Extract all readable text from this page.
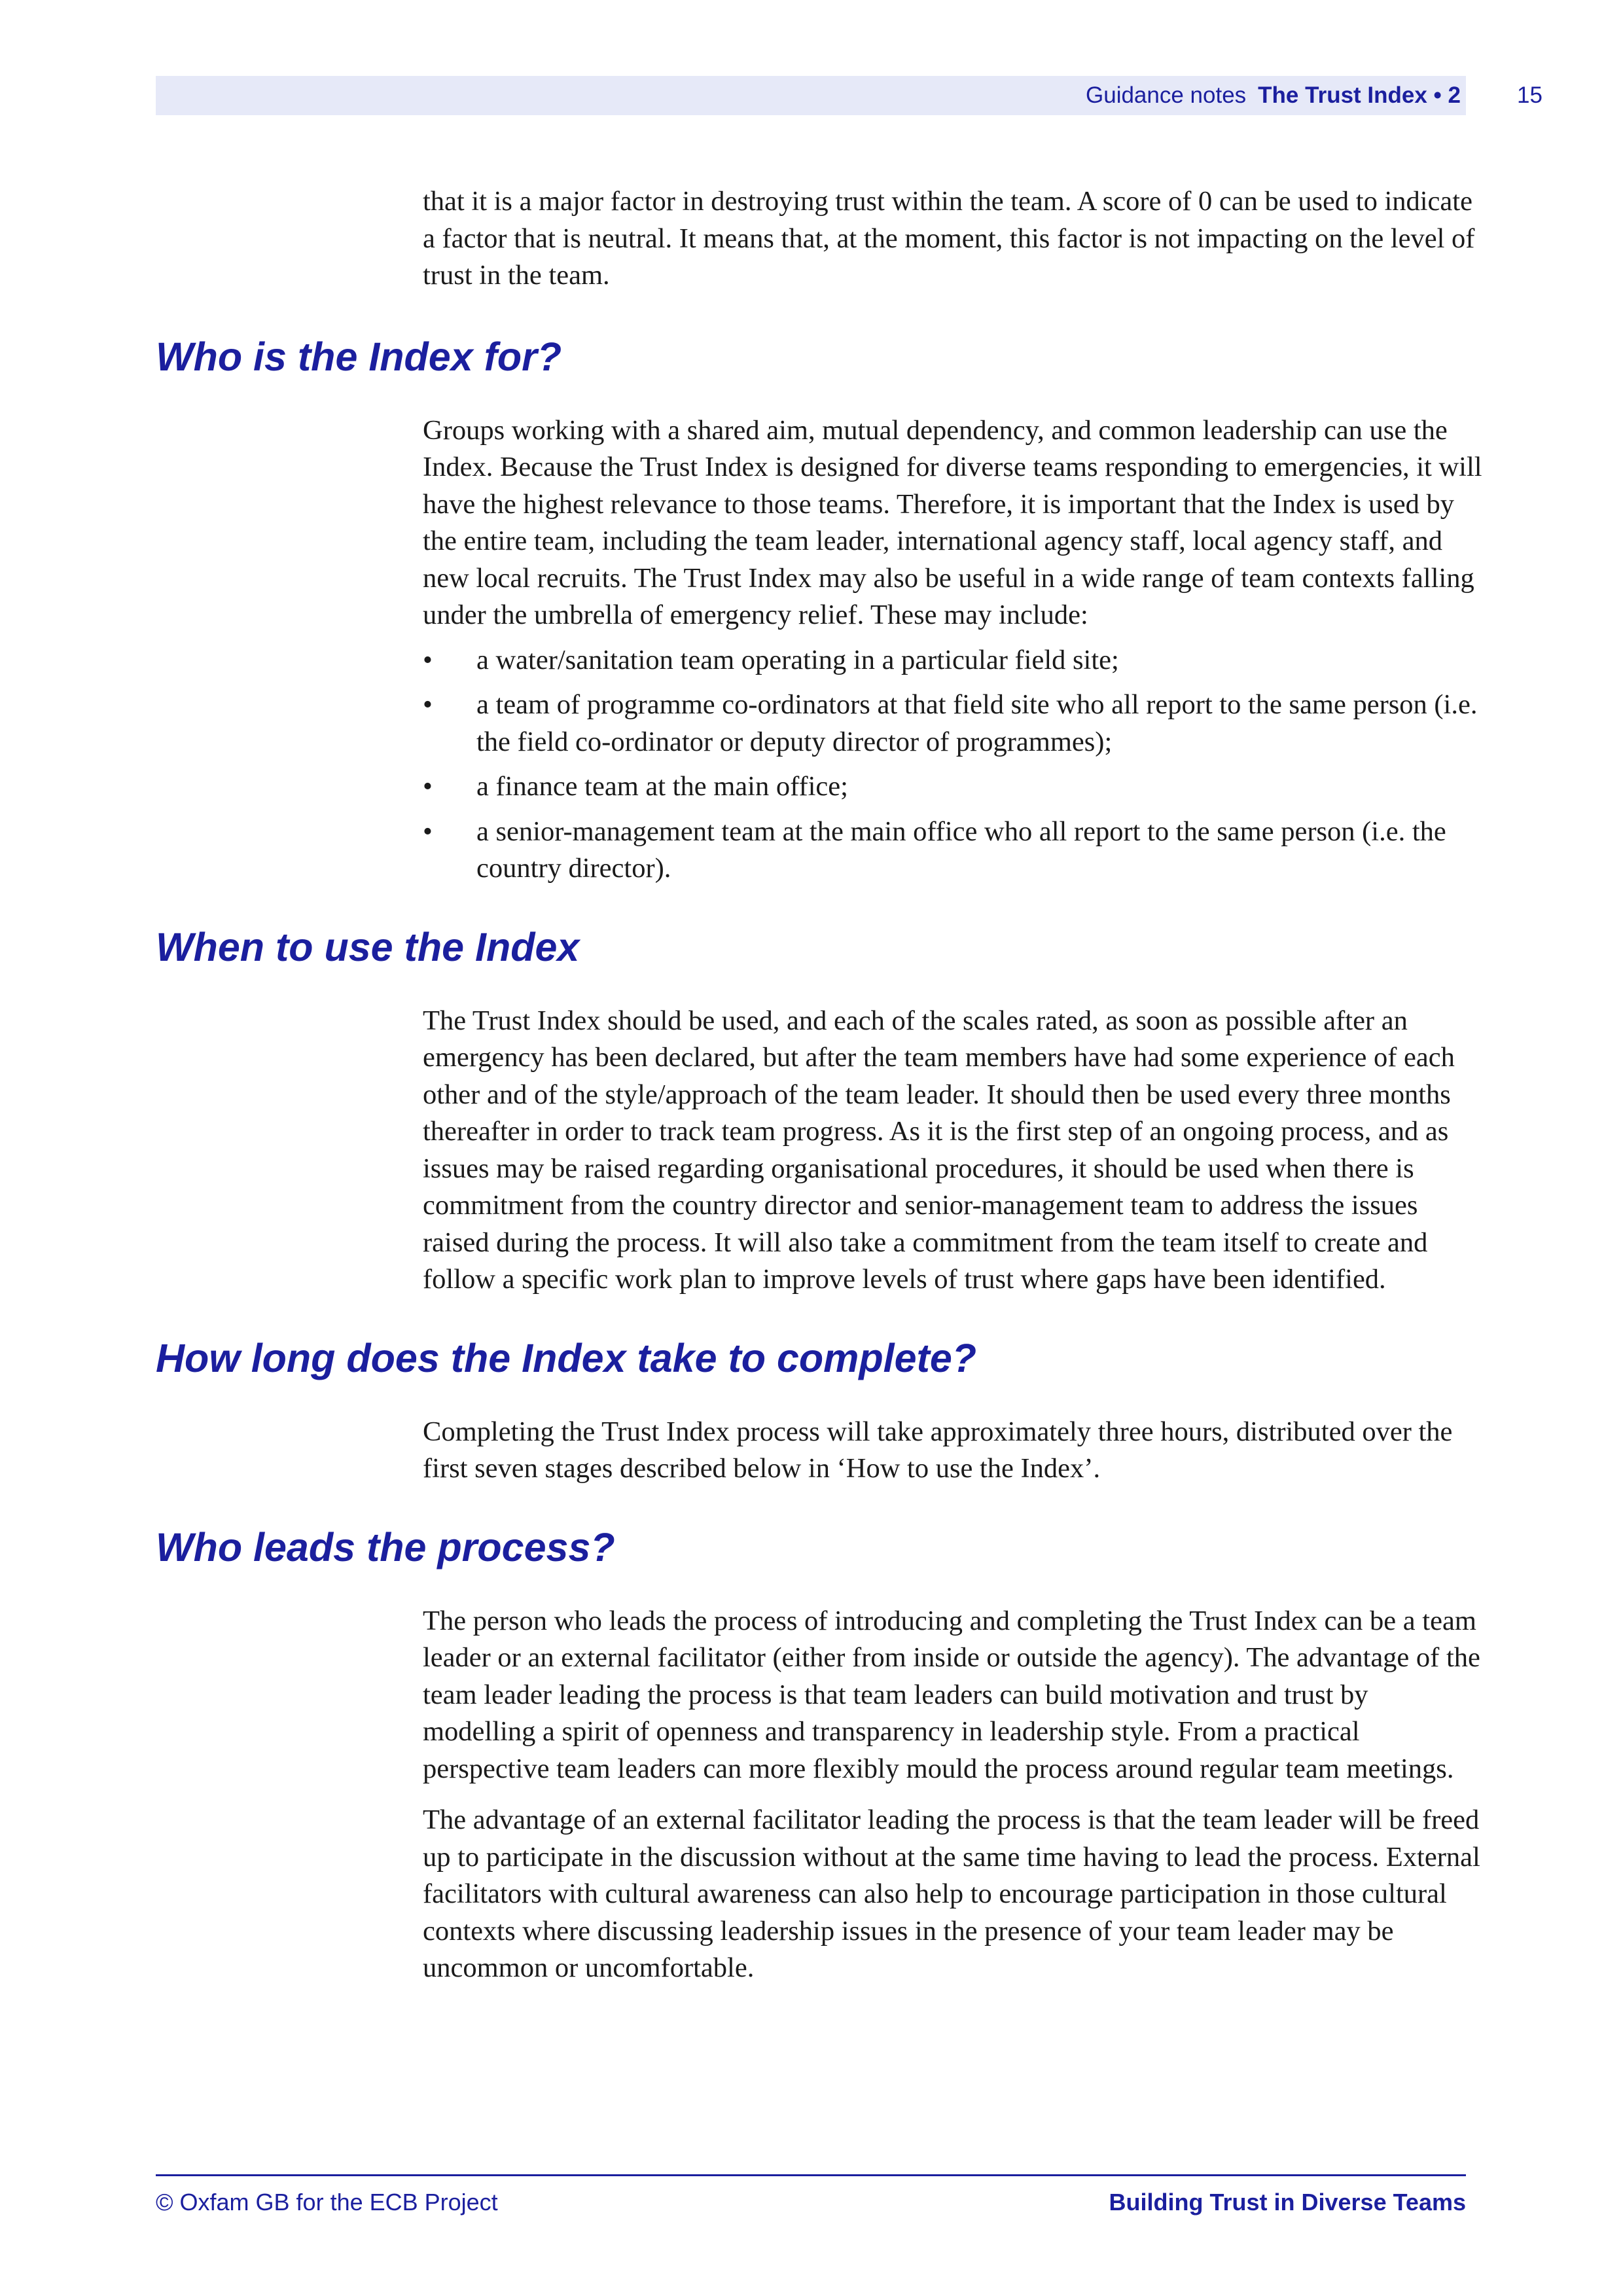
Guidance notes The Trust Index • 2 15

that it is a major factor in destroying trust within the team. A score of 0 can be used to indicate a factor that is neutral. It means that, at the moment, this factor is not impacting on the level of trust in the team.

Who is the Index for?

Groups working with a shared aim, mutual dependency, and common leadership can use the Index. Because the Trust Index is designed for diverse teams responding to emergencies, it will have the highest relevance to those teams. Therefore, it is important that the Index is used by the entire team, including the team leader, international agency staff, local agency staff, and new local recruits. The Trust Index may also be useful in a wide range of team contexts falling under the umbrella of emergency relief. These may include:

• a water/sanitation team operating in a particular field site;
• a team of programme co-ordinators at that field site who all report to the same person (i.e. the field co-ordinator or deputy director of programmes);
• a finance team at the main office;
• a senior-management team at the main office who all report to the same person (i.e. the country director).
When to use the Index

The Trust Index should be used, and each of the scales rated, as soon as possible after an emergency has been declared, but after the team members have had some experience of each other and of the style/approach of the team leader. It should then be used every three months thereafter in order to track team progress. As it is the first step of an ongoing process, and as issues may be raised regarding organisational procedures, it should be used when there is commitment from the country director and senior-management team to address the issues raised during the process. It will also take a commitment from the team itself to create and follow a specific work plan to improve levels of trust where gaps have been identified.

How long does the Index take to complete?

Completing the Trust Index process will take approximately three hours, distributed over the first seven stages described below in ‘How to use the Index’.

Who leads the process?

The person who leads the process of introducing and completing the Trust Index can be a team leader or an external facilitator (either from inside or outside the agency). The advantage of the team leader leading the process is that team leaders can build motivation and trust by modelling a spirit of openness and transparency in leadership style. From a practical perspective team leaders can more flexibly mould the process around regular team meetings.

The advantage of an external facilitator leading the process is that the team leader will be freed up to participate in the discussion without at the same time having to lead the process. External facilitators with cultural awareness can also help to encourage participation in those cultural contexts where discussing leadership issues in the presence of your team leader may be uncommon or uncomfortable.

© Oxfam GB for the ECB Project	Building Trust in Diverse Teams
